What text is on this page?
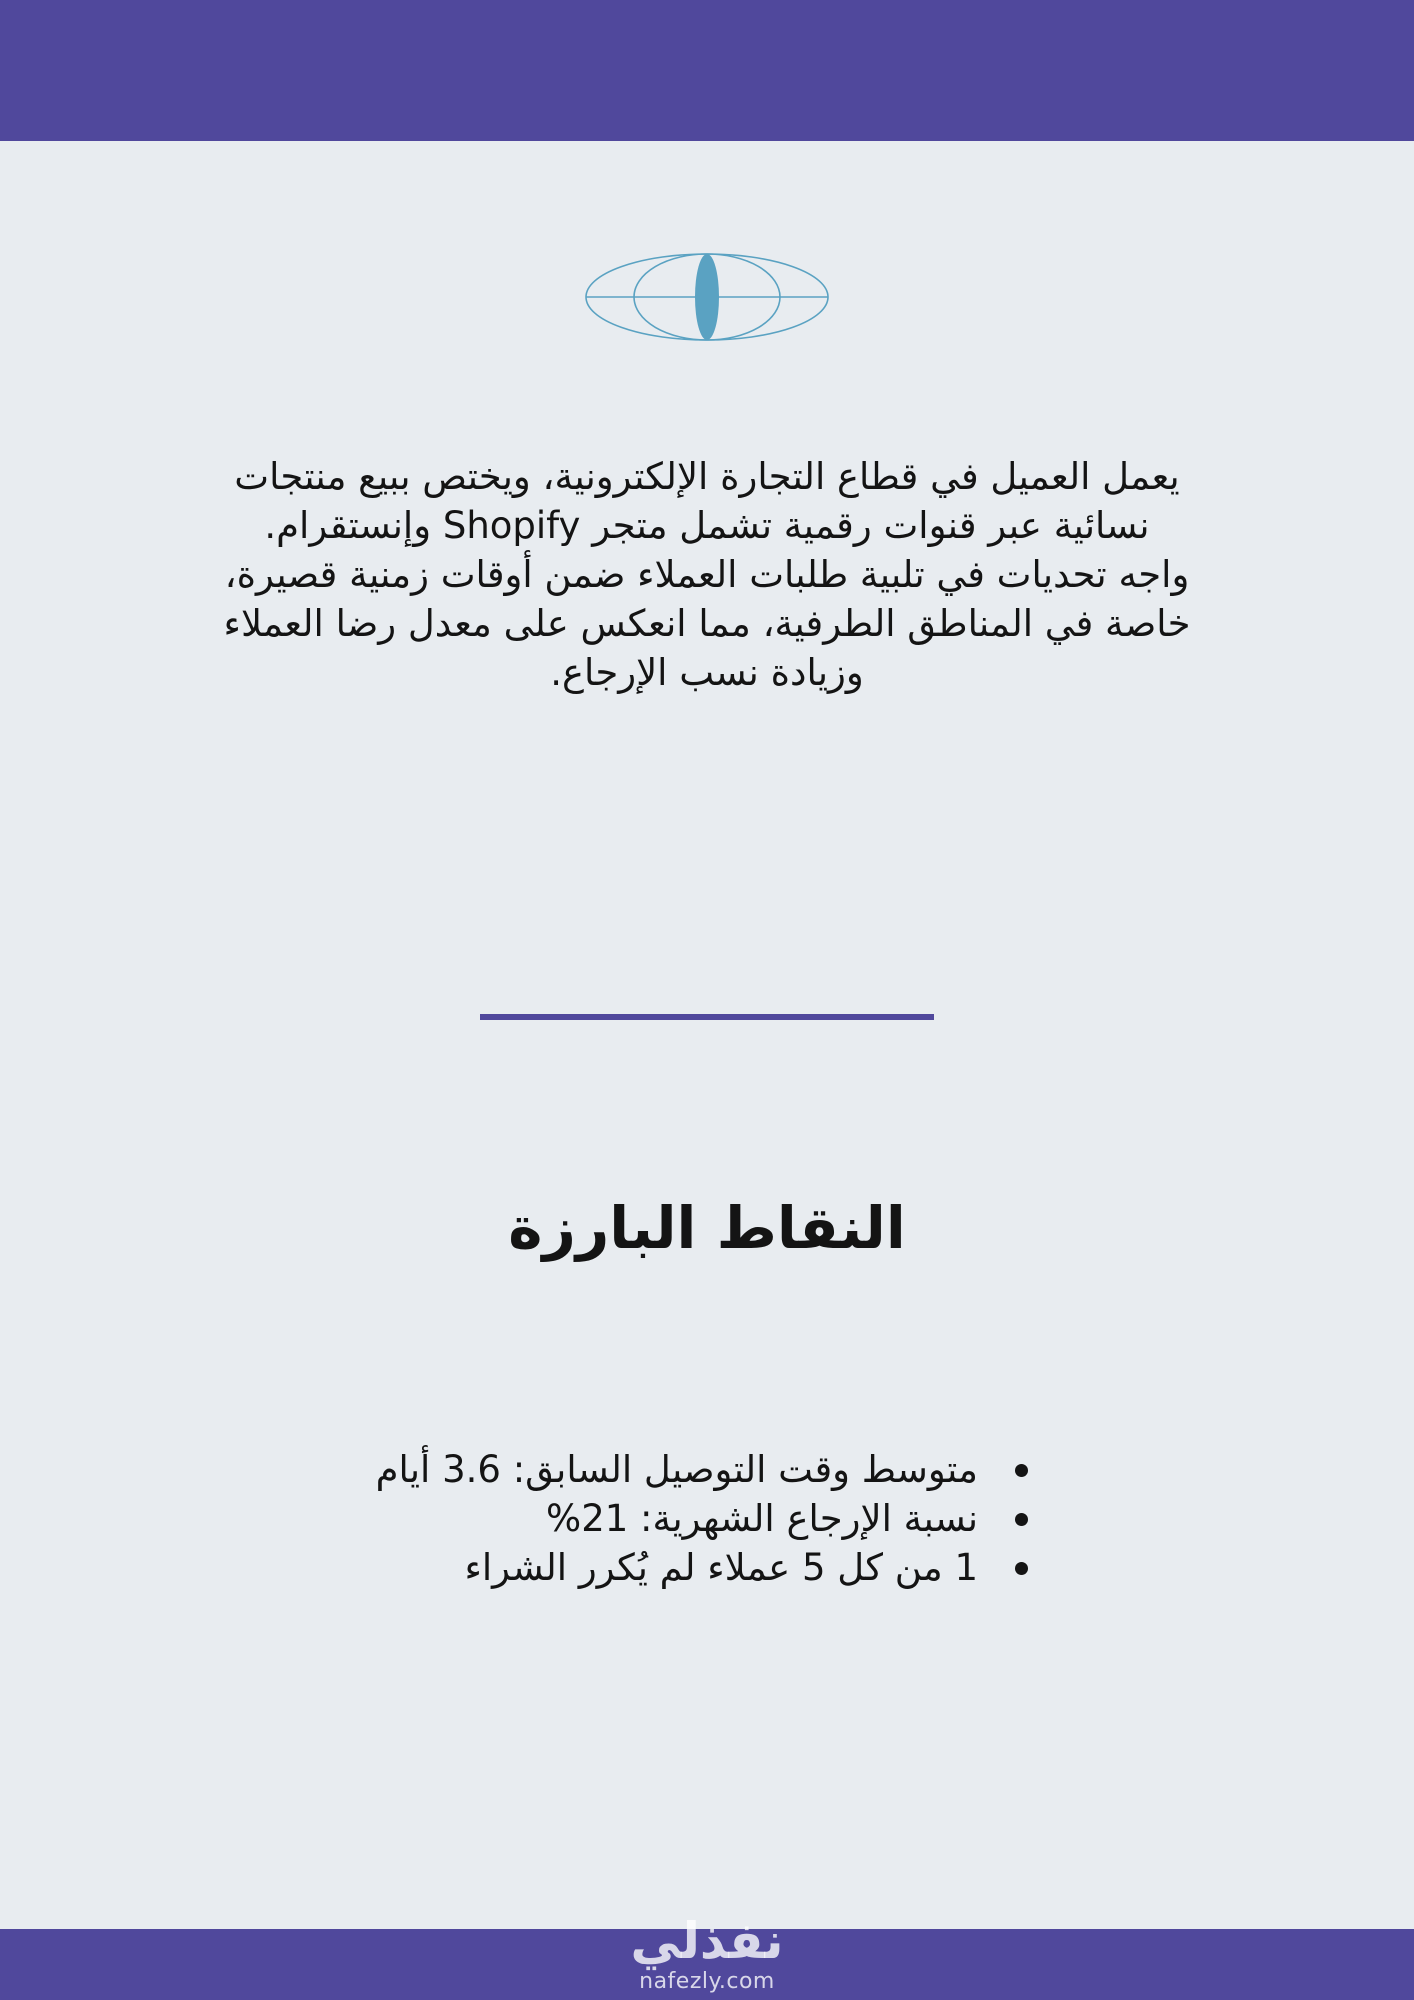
يعمل العميل في قطاع التجارة الإلكترونية، ويختص ببيع منتجات

نسائية عبر قنوات رقمية تشمل متجر Shopify وإنستقرام.

واجه تحديات في تلبية طلبات العملاء ضمن أوقات زمنية قصيرة،

خاصة في المناطق الطرفية، مما انعكس على معدل رضا العملاء

وزيادة نسب الإرجاع.

النقاط البارزة
متوسط وقت التوصيل السابق: 3.6 أيام
نسبة الإرجاع الشهرية: 21%
1 من كل 5 عملاء لم يُكرر الشراء
نفذلي
nafezly.com
